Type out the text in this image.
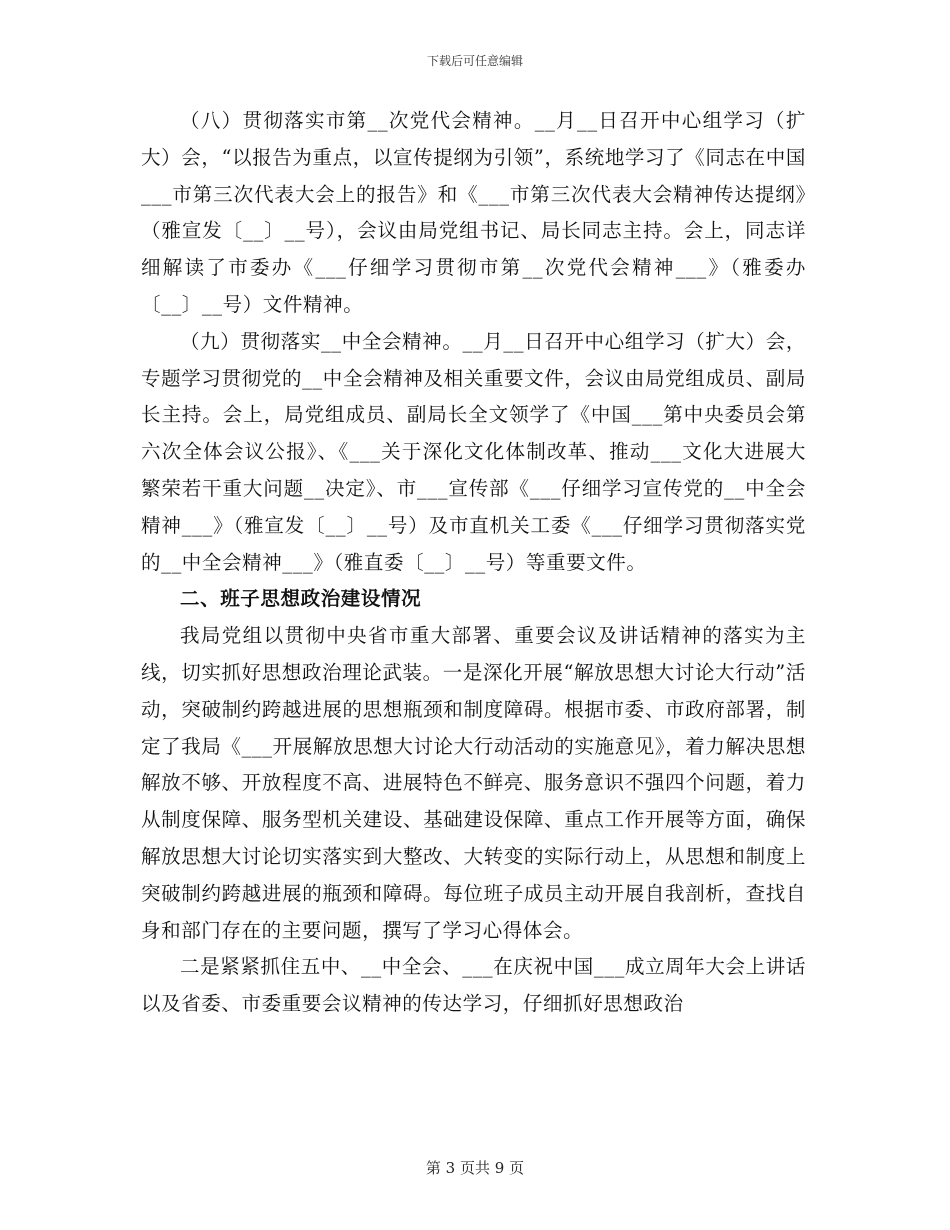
下载后可任意编辑

（八）贯彻落实市第__次党代会精神。__月__日召开中心组学习（扩大）会，“以报告为重点，以宣传提纲为引领”，系统地学习了《同志在中国___市第三次代表大会上的报告》和《___市第三次代表大会精神传达提纲》（雅宣发〔__〕__号），会议由局党组书记、局长同志主持。会上，同志详细解读了市委办《___仔细学习贯彻市第__次党代会精神___》（雅委办〔__〕__号）文件精神。

（九）贯彻落实__中全会精神。__月__日召开中心组学习（扩大）会，专题学习贯彻党的__中全会精神及相关重要文件，会议由局党组成员、副局长主持。会上，局党组成员、副局长全文领学了《中国___第中央委员会第六次全体会议公报》、《___关于深化文化体制改革、推动___文化大进展大繁荣若干重大问题__决定》、市___宣传部《___仔细学习宣传党的__中全会精神___》（雅宣发〔__〕__号）及市直机关工委《___仔细学习贯彻落实党的__中全会精神___》（雅直委〔__〕__号）等重要文件。

二、班子思想政治建设情况

我局党组以贯彻中央省市重大部署、重要会议及讲话精神的落实为主线，切实抓好思想政治理论武装。一是深化开展“解放思想大讨论大行动”活动，突破制约跨越进展的思想瓶颈和制度障碍。根据市委、市政府部署，制定了我局《___开展解放思想大讨论大行动活动的实施意见》，着力解决思想解放不够、开放程度不高、进展特色不鲜亮、服务意识不强四个问题，着力从制度保障、服务型机关建设、基础建设保障、重点工作开展等方面，确保解放思想大讨论切实落实到大整改、大转变的实际行动上，从思想和制度上突破制约跨越进展的瓶颈和障碍。每位班子成员主动开展自我剖析，查找自身和部门存在的主要问题，撰写了学习心得体会。

二是紧紧抓住五中、__中全会、___在庆祝中国___成立周年大会上讲话以及省委、市委重要会议精神的传达学习，仔细抓好思想政治

第 3 页共 9 页
